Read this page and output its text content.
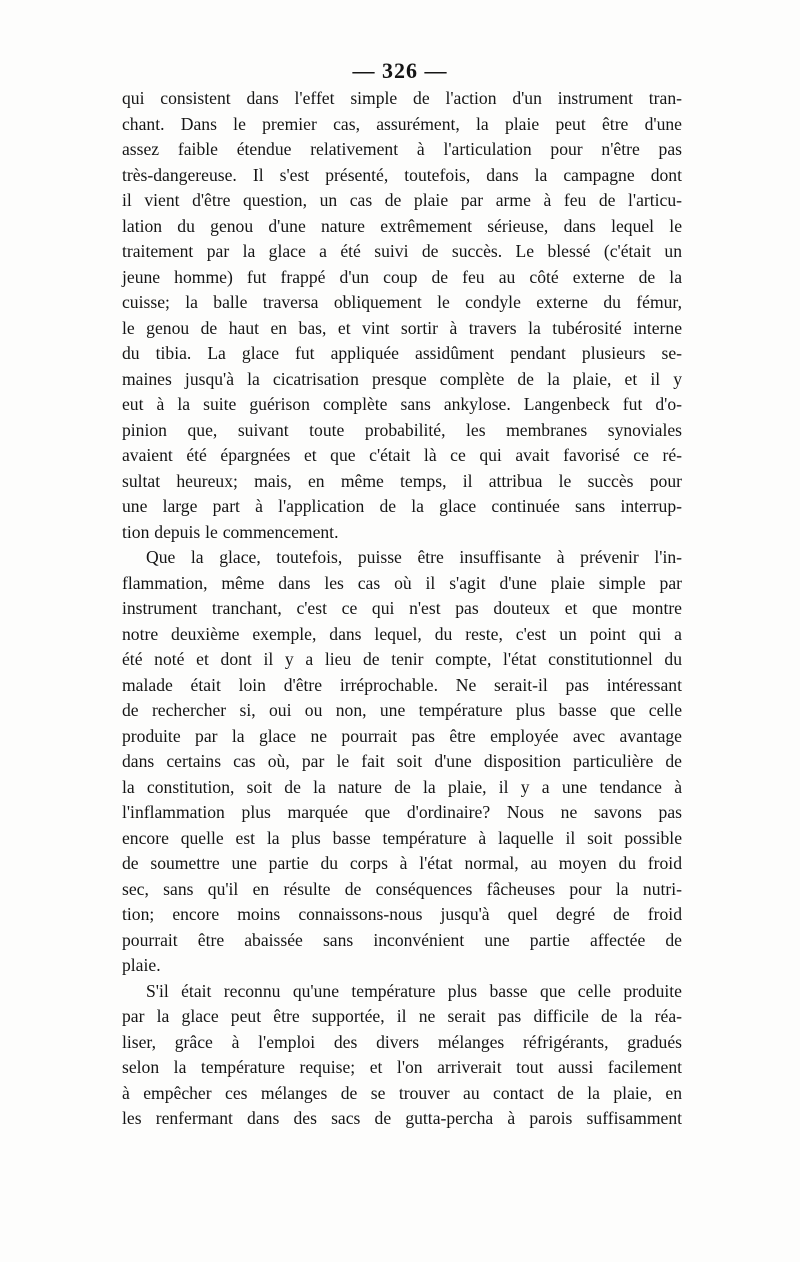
— 326 —
qui consistent dans l'effet simple de l'action d'un instrument tran-
chant. Dans le premier cas, assurément, la plaie peut être d'une
assez faible étendue relativement à l'articulation pour n'être pas
très-dangereuse. Il s'est présenté, toutefois, dans la campagne dont
il vient d'être question, un cas de plaie par arme à feu de l'articu-
lation du genou d'une nature extrêmement sérieuse, dans lequel le
traitement par la glace a été suivi de succès. Le blessé (c'était un
jeune homme) fut frappé d'un coup de feu au côté externe de la
cuisse; la balle traversa obliquement le condyle externe du fémur,
le genou de haut en bas, et vint sortir à travers la tubérosité interne
du tibia. La glace fut appliquée assidûment pendant plusieurs se-
maines jusqu'à la cicatrisation presque complète de la plaie, et il y
eut à la suite guérison complète sans ankylose. Langenbeck fut d'o-
pinion que, suivant toute probabilité, les membranes synoviales
avaient été épargnées et que c'était là ce qui avait favorisé ce ré-
sultat heureux; mais, en même temps, il attribua le succès pour
une large part à l'application de la glace continuée sans interrup-
tion depuis le commencement.
Que la glace, toutefois, puisse être insuffisante à prévenir l'in-
flammation, même dans les cas où il s'agit d'une plaie simple par
instrument tranchant, c'est ce qui n'est pas douteux et que montre
notre deuxième exemple, dans lequel, du reste, c'est un point qui a
été noté et dont il y a lieu de tenir compte, l'état constitutionnel du
malade était loin d'être irréprochable. Ne serait-il pas intéressant
de rechercher si, oui ou non, une température plus basse que celle
produite par la glace ne pourrait pas être employée avec avantage
dans certains cas où, par le fait soit d'une disposition particulière de
la constitution, soit de la nature de la plaie, il y a une tendance à
l'inflammation plus marquée que d'ordinaire? Nous ne savons pas
encore quelle est la plus basse température à laquelle il soit possible
de soumettre une partie du corps à l'état normal, au moyen du froid
sec, sans qu'il en résulte de conséquences fâcheuses pour la nutri-
tion; encore moins connaissons-nous jusqu'à quel degré de froid
pourrait être abaissée sans inconvénient une partie affectée de
plaie.
S'il était reconnu qu'une température plus basse que celle produite
par la glace peut être supportée, il ne serait pas difficile de la réa-
liser, grâce à l'emploi des divers mélanges réfrigérants, gradués
selon la température requise; et l'on arriverait tout aussi facilement
à empêcher ces mélanges de se trouver au contact de la plaie, en
les renfermant dans des sacs de gutta-percha à parois suffisamment
